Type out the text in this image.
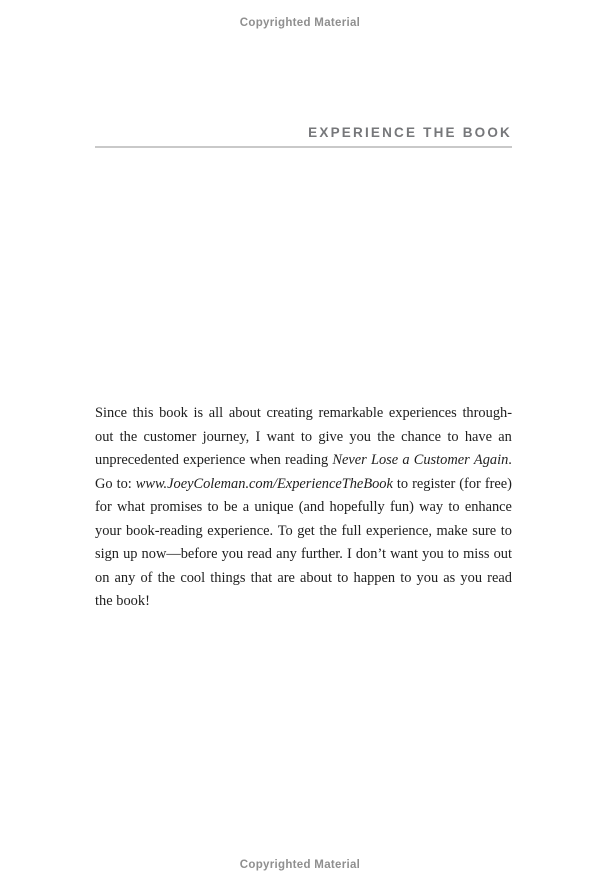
Copyrighted Material
EXPERIENCE THE BOOK
Since this book is all about creating remarkable experiences through-
out the customer journey, I want to give you the chance to have an
unprecedented experience when reading Never Lose a Customer Again.
Go to: www.JoeyColeman.com/ExperienceTheBook to register (for free)
for what promises to be a unique (and hopefully fun) way to enhance
your book-reading experience. To get the full experience, make sure to
sign up now—before you read any further. I don’t want you to miss out
on any of the cool things that are about to happen to you as you read
the book!
Copyrighted Material
